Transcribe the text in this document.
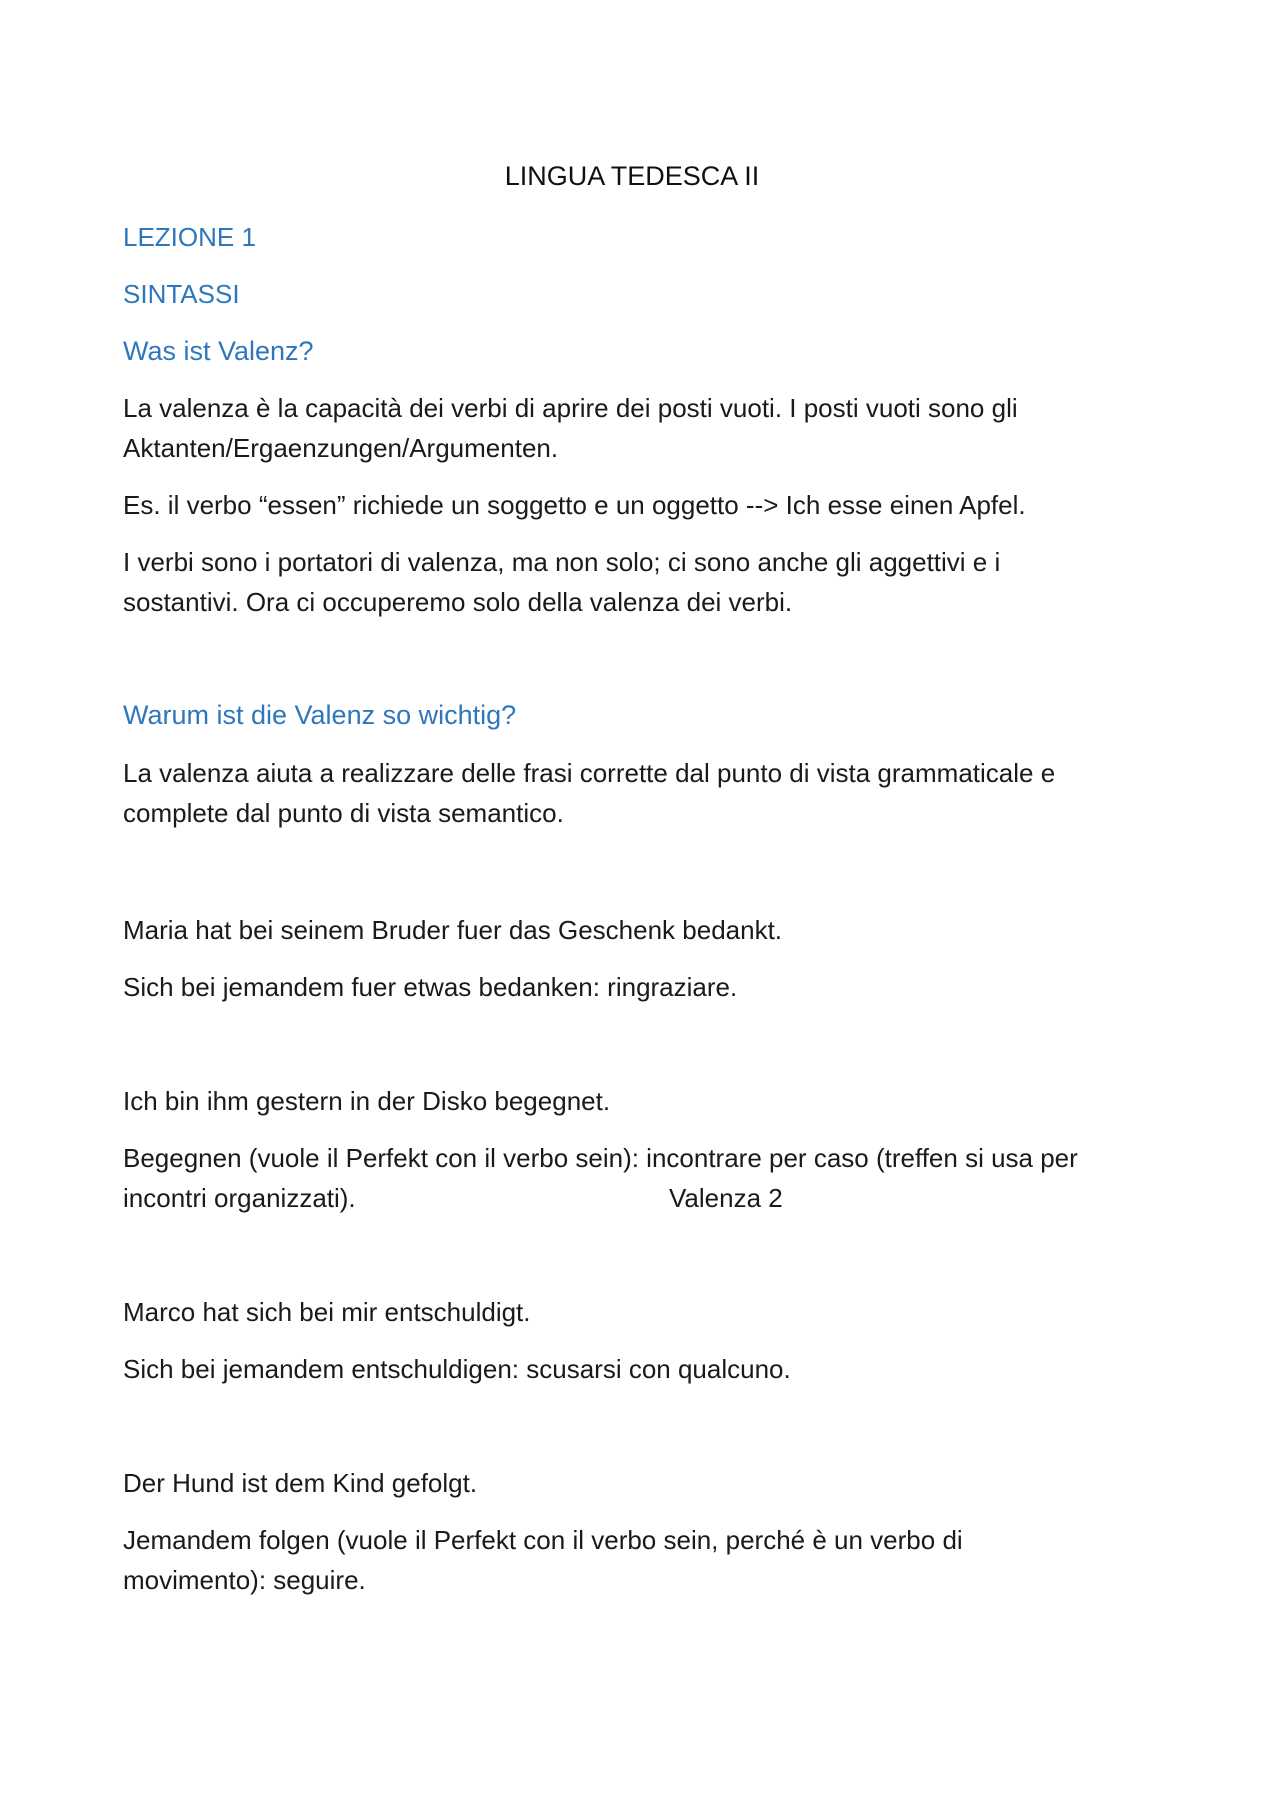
LINGUA TEDESCA II
LEZIONE 1
SINTASSI
Was ist Valenz?
La valenza è la capacità dei verbi di aprire dei posti vuoti. I posti vuoti sono gli
Aktanten/Ergaenzungen/Argumenten.
Es. il verbo “essen” richiede un soggetto e un oggetto --> Ich esse einen Apfel.
I verbi sono i portatori di valenza, ma non solo; ci sono anche gli aggettivi e i
sostantivi. Ora ci occuperemo solo della valenza dei verbi.
Warum ist die Valenz so wichtig?
La valenza aiuta a realizzare delle frasi corrette dal punto di vista grammaticale e
complete dal punto di vista semantico.
Maria hat bei seinem Bruder fuer das Geschenk bedankt.
Sich bei jemandem fuer etwas bedanken: ringraziare.
Ich bin ihm gestern in der Disko begegnet.
Begegnen (vuole il Perfekt con il verbo sein): incontrare per caso (treffen si usa per
incontri organizzati).	Valenza 2
Marco hat sich bei mir entschuldigt.
Sich bei jemandem entschuldigen: scusarsi con qualcuno.
Der Hund ist dem Kind gefolgt.
Jemandem folgen (vuole il Perfekt con il verbo sein, perché è un verbo di
movimento): seguire.
